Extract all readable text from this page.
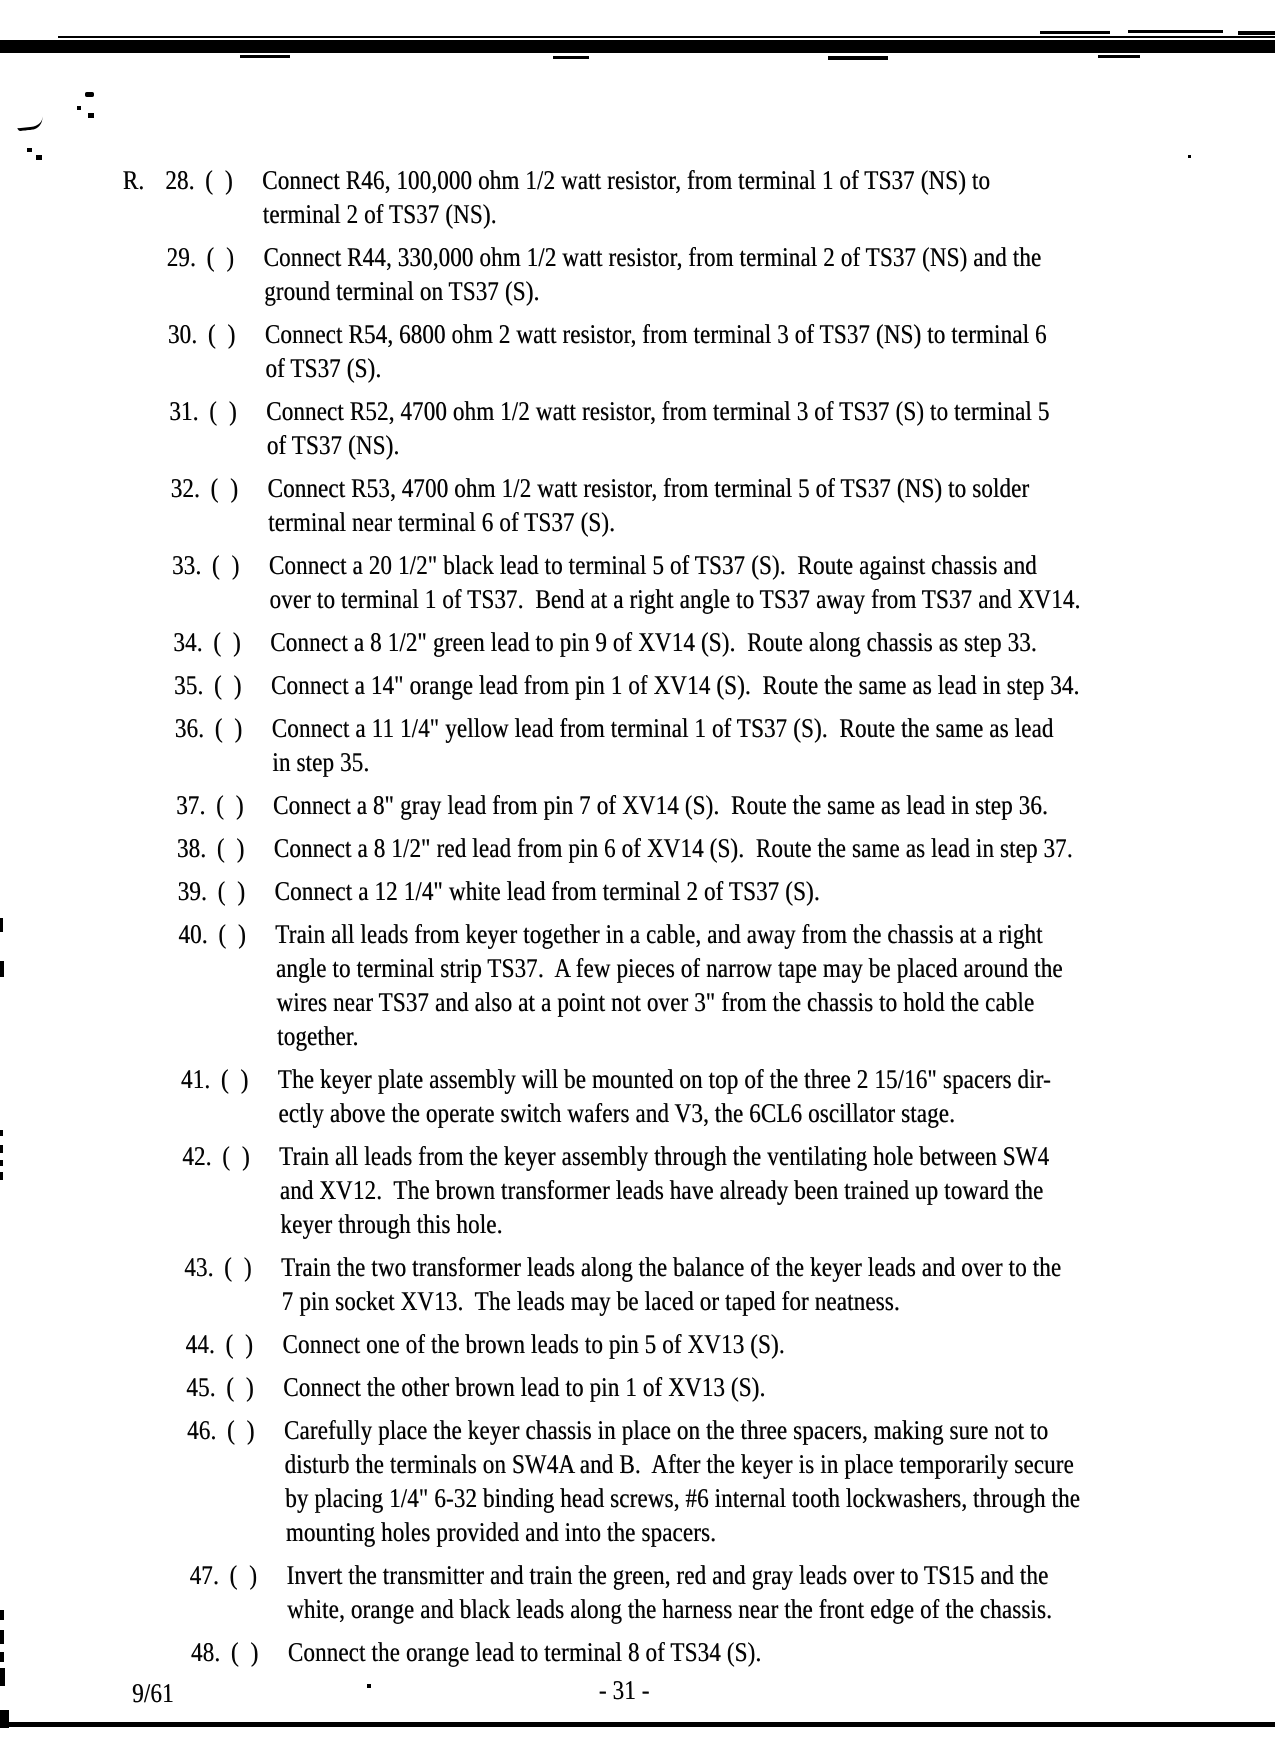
R. 28. ( )	Connect R46, 100,000 ohm 1/2 watt resistor, from terminal 1 of TS37 (NS) to
terminal 2 of TS37 (NS).
29. ( )	Connect R44, 330,000 ohm 1/2 watt resistor, from terminal 2 of TS37 (NS) and the
ground terminal on TS37 (S).
30. ( )	Connect R54, 6800 ohm 2 watt resistor, from terminal 3 of TS37 (NS) to terminal 6
of TS37 (S).
31. ( )	Connect R52, 4700 ohm 1/2 watt resistor, from terminal 3 of TS37 (S) to terminal 5
of TS37 (NS).
32. ( )	Connect R53, 4700 ohm 1/2 watt resistor, from terminal 5 of TS37 (NS) to solder
terminal near terminal 6 of TS37 (S).
33. ( )	Connect a 20 1/2" black lead to terminal 5 of TS37 (S).  Route against chassis and
over to terminal 1 of TS37.  Bend at a right angle to TS37 away from TS37 and XV14.
34. ( )	Connect a 8 1/2" green lead to pin 9 of XV14 (S).  Route along chassis as step 33.
35. ( )	Connect a 14" orange lead from pin 1 of XV14 (S).  Route the same as lead in step 34.
36. ( )	Connect a 11 1/4" yellow lead from terminal 1 of TS37 (S).  Route the same as lead
in step 35.
37. ( )	Connect a 8" gray lead from pin 7 of XV14 (S).  Route the same as lead in step 36.
38. ( )	Connect a 8 1/2" red lead from pin 6 of XV14 (S).  Route the same as lead in step 37.
39. ( )	Connect a 12 1/4" white lead from terminal 2 of TS37 (S).
40. ( )	Train all leads from keyer together in a cable, and away from the chassis at a right
angle to terminal strip TS37.  A few pieces of narrow tape may be placed around the
wires near TS37 and also at a point not over 3" from the chassis to hold the cable
together.
41. ( )	The keyer plate assembly will be mounted on top of the three 2 15/16" spacers dir-
ectly above the operate switch wafers and V3, the 6CL6 oscillator stage.
42. ( )	Train all leads from the keyer assembly through the ventilating hole between SW4
and XV12.  The brown transformer leads have already been trained up toward the
keyer through this hole.
43. ( )	Train the two transformer leads along the balance of the keyer leads and over to the
7 pin socket XV13.  The leads may be laced or taped for neatness.
44. ( )	Connect one of the brown leads to pin 5 of XV13 (S).
45. ( )	Connect the other brown lead to pin 1 of XV13 (S).
46. ( )	Carefully place the keyer chassis in place on the three spacers, making sure not to
disturb the terminals on SW4A and B.  After the keyer is in place temporarily secure
by placing 1/4" 6-32 binding head screws, #6 internal tooth lockwashers, through the
mounting holes provided and into the spacers.
47. ( )	Invert the transmitter and train the green, red and gray leads over to TS15 and the
white, orange and black leads along the harness near the front edge of the chassis.
48. ( )	Connect the orange lead to terminal 8 of TS34 (S).
9/61	- 31 -
